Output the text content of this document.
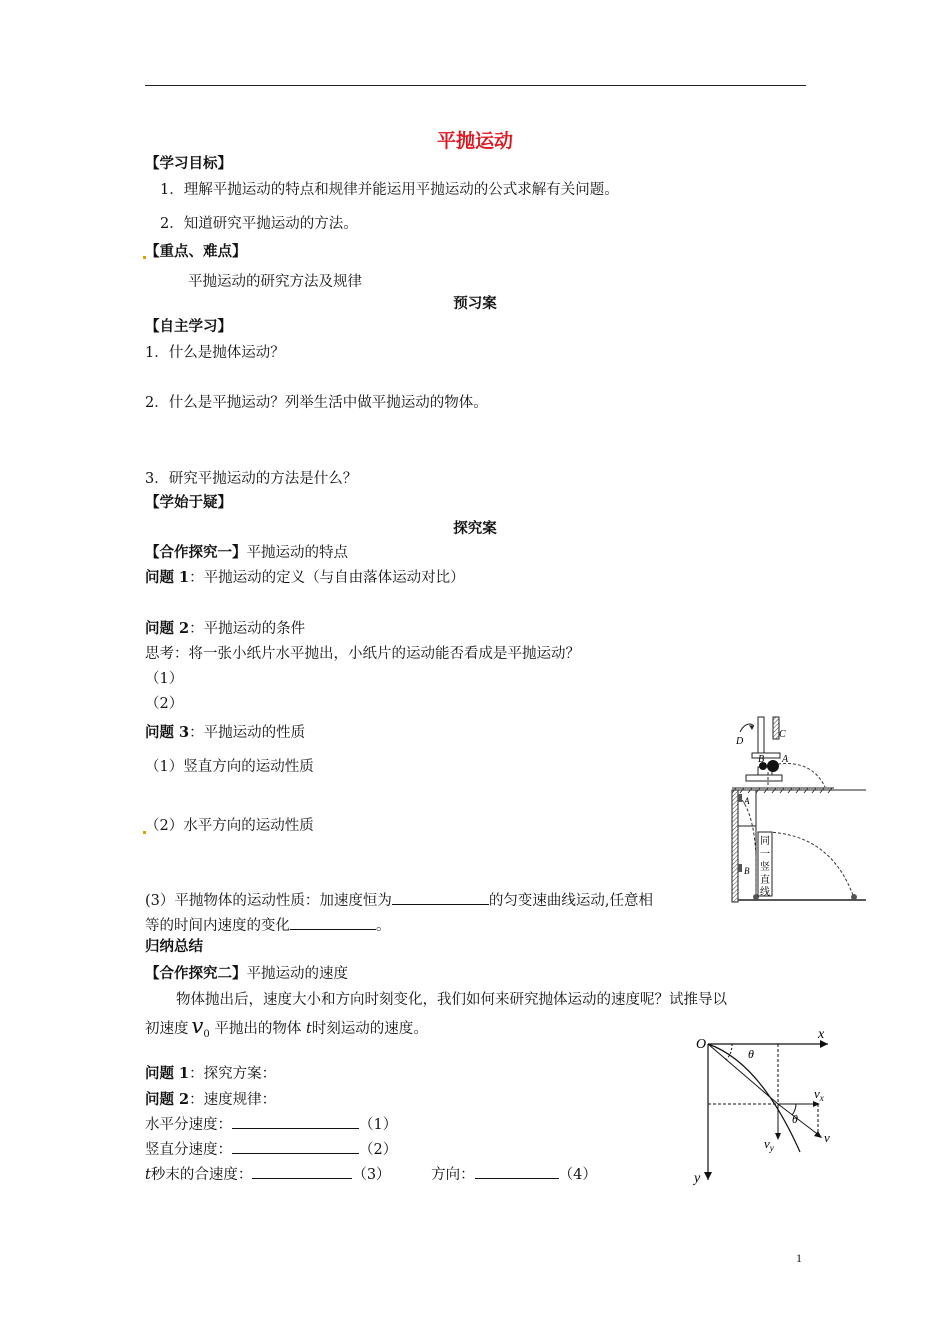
平抛运动
【学习目标】
1．理解平抛运动的特点和规律并能运用平抛运动的公式求解有关问题。
2．知道研究平抛运动的方法。
【重点、难点】
平抛运动的研究方法及规律
预习案
【自主学习】
1．什么是抛体运动？
2．什么是平抛运动？列举生活中做平抛运动的物体。
3．研究平抛运动的方法是什么？
【学始于疑】
探究案
【合作探究一】平抛运动的特点
问题 1：平抛运动的定义（与自由落体运动对比）
问题 2：平抛运动的条件
思考：将一张小纸片水平抛出，小纸片的运动能否看成是平抛运动？
（1）
（2）
问题 3：平抛运动的性质
（1）竖直方向的运动性质
（2）水平方向的运动性质
(3）平抛物体的运动性质：加速度恒为	的匀变速曲线运动,任意相
等的时间内速度的变化	。
归纳总结
【合作探究二】平抛运动的速度
物体抛出后，速度大小和方向时刻变化，我们如何来研究抛体运动的速度呢？试推导以
初速度 $v_0$ 平抛出的物体 t时刻运动的速度。
问题 1：探究方案：
问题 2：速度规律：
水平分速度：	（1）
竖直分速度：	（2）
t秒末的合速度：	（3）	方向：	（4）
D
C
B A
A
B
同
一
竖
直
线
O
x
y
θ
θ
$v_x$
$v_y$
v
1
